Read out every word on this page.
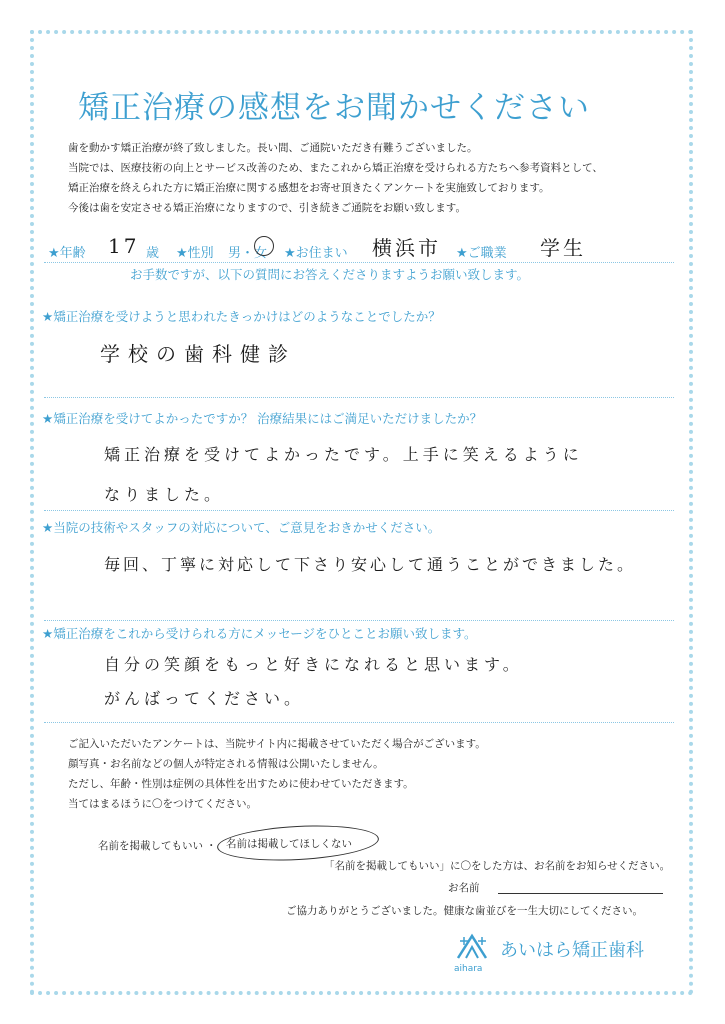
矯正治療の感想をお聞かせください
歯を動かす矯正治療が終了致しました。長い間、ご通院いただき有難うございました。
当院では、医療技術の向上とサービス改善のため、またこれから矯正治療を受けられる方たちへ参考資料として、
矯正治療を終えられた方に矯正治療に関する感想をお寄せ頂きたくアンケートを実施致しております。
今後は歯を安定させる矯正治療になりますので、引き続きご通院をお願い致します。
★年齢 17 歳 ★性別 男・女 ★お住まい 横浜市 ★ご職業 学生
お手数ですが、以下の質問にお答えくださりますようお願い致します。
★矯正治療を受けようと思われたきっかけはどのようなことでしたか？
学校の歯科健診
★矯正治療を受けてよかったですか？ 治療結果にはご満足いただけましたか？
矯正治療を受けてよかったです。上手に笑えるように
なりました。
★当院の技術やスタッフの対応について、ご意見をおきかせください。
毎回、丁寧に対応して下さり安心して通うことができました。
★矯正治療をこれから受けられる方にメッセージをひとことお願い致します。
自分の笑顔をもっと好きになれると思います。
がんばってください。
ご記入いただいたアンケートは、当院サイト内に掲載させていただく場合がございます。
顔写真・お名前などの個人が特定される情報は公開いたしません。
ただし、年齢・性別は症例の具体性を出すために使わせていただきます。
当てはまるほうに〇をつけてください。
名前を掲載してもいい ・ 名前は掲載してほしくない
「名前を掲載してもいい」に〇をした方は、お名前をお知らせください。
お名前
ご協力ありがとうございました。健康な歯並びを一生大切にしてください。
aihara
あいはら矯正歯科
